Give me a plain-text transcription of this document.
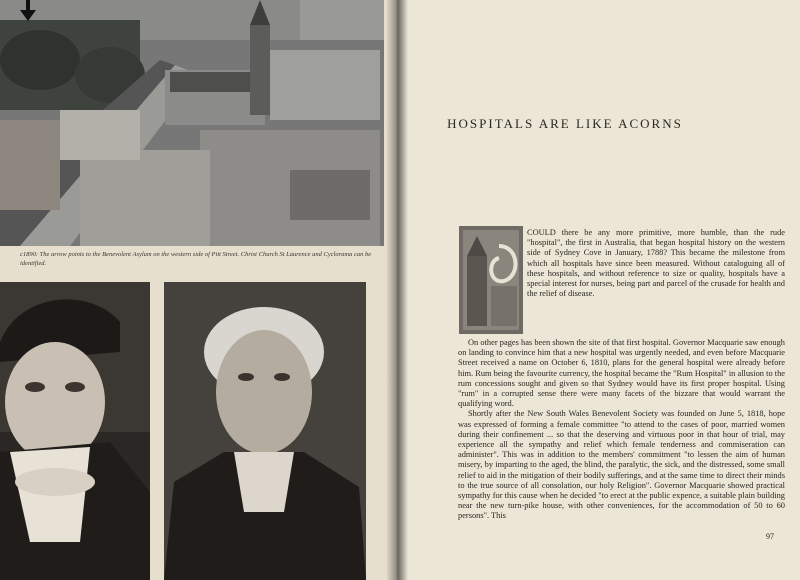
c1890: The arrow points to the Benevolent Asylum on the western side of Pitt Street. Christ Church St Laurence and Cyclorama can be identified.
HOSPITALS ARE LIKE ACORNS

COULD there be any more primitive, more humble, than the rude "hospital", the first in Australia, that began hospital history on the western side of Sydney Cove in January, 1788? This became the milestone from which all hospitals have since been measured. Without cataloguing all of these hospitals, and without reference to size or quality, hospitals have a special interest for nurses, being part and parcel of the crusade for health and the relief of disease.

On other pages has been shown the site of that first hospital. Governor Macquarie saw enough on landing to convince him that a new hospital was urgently needed, and even before Macquarie Street received a name on October 6, 1810, plans for the general hospital were already before him. Rum being the favourite currency, the hospital became the "Rum Hospital" in allusion to the rum concessions sought and given so that Sydney would have its first proper hospital. Using "rum" in a corrupted sense there were many facets of the bizzare that would warrant the qualifying word.

Shortly after the New South Wales Benevolent Society was founded on June 5, 1818, hope was expressed of forming a female committee "to attend to the cases of poor, married women during their confinement ... so that the deserving and virtuous poor in that hour of trial, may experience all the sympathy and relief which female tenderness and commiseration can administer". This was in addition to the members' commitment "to lessen the aim of human misery, by imparting to the aged, the blind, the paralytic, the sick, and the distressed, some small relief to aid in the mitigation of their bodily sufferings, and at the same time to direct their minds to the true source of all consolation, our holy Religion". Governor Macquarie showed practical sympathy for this cause when he decided "to erect at the public expence, a suitable plain building near the new turn-pike house, with other conveniences, for the accommodation of 50 to 60 persons". This

97
